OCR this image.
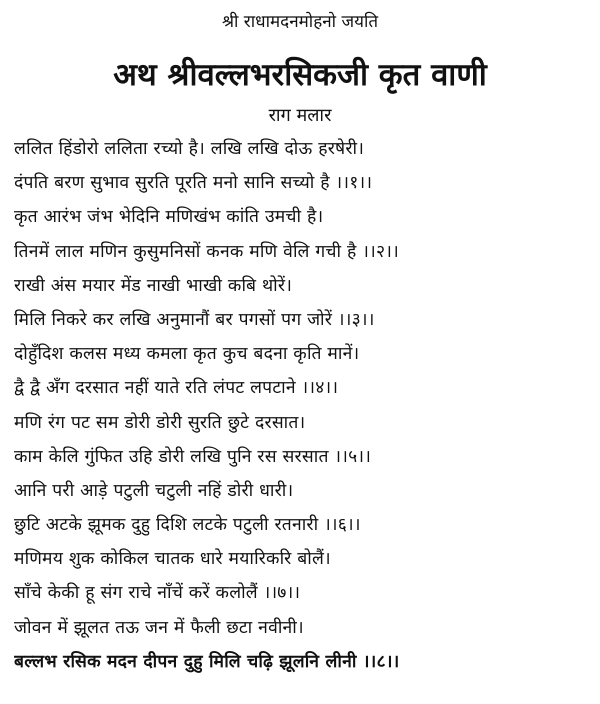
श्री राधामदनमोहनो जयति
अथ श्रीवल्लभरसिकजी कृत वाणी
राग मलार
ललित हिंडोरो ललिता रच्यो है। लखि लखि दोऊ हरषेरी।
दंपति बरण सुभाव सुरति पूरति मनो सानि सच्यो है ।।१।।
कृत आरंभ जंभ भेदिनि मणिखंभ कांति उमची है।
तिनमें लाल मणिन कुसुमनिसों कनक मणि वेलि गची है ।।२।।
राखी अंस मयार मेंड नाखी भाखी कबि थोरें।
मिलि निकरे कर लखि अनुमानौं बर पगसों पग जोरें ।।३।।
दोहुँदिश कलस मध्य कमला कृत कुच बदना कृति मानें।
द्वै द्वै अँग दरसात नहीं याते रति लंपट लपटाने ।।४।।
मणि रंग पट सम डोरी डोरी सुरति छुटे दरसात।
काम केलि गुंफित उहि डोरी लखि पुनि रस सरसात ।।५।।
आनि परी आड़े पटुली चटुली नहिं डोरी धारी।
छुटि अटके झूमक दुहु दिशि लटके पटुली रतनारी ।।६।।
मणिमय शुक कोकिल चातक धारे मयारिकरि बोलैं।
साँचे केकी हू संग राचे नाँचें करें कलोलैं ।।७।।
जोवन में झूलत तऊ जन में फैली छटा नवीनी।
बल्लभ रसिक मदन दीपन दुहु मिलि चढ़ि झूलनि लीनी ।।८।।
